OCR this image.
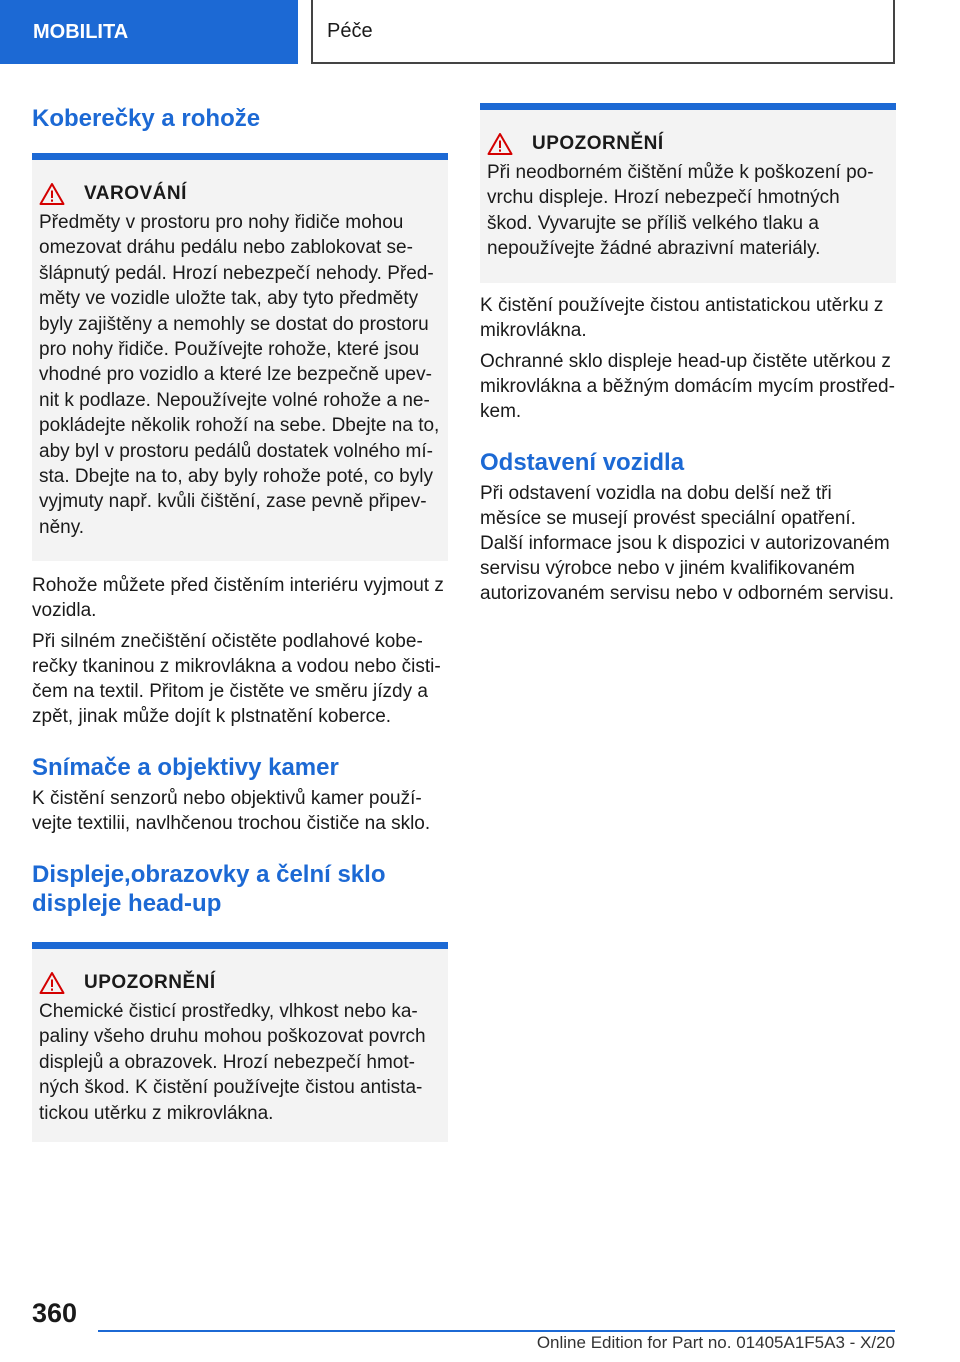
MOBILITA	Péče
Koberečky a rohože
VAROVÁNÍ

Předměty v prostoru pro nohy řidiče mohou omezovat dráhu pedálu nebo zablokovat sešlápnutý pedál. Hrozí nebezpečí nehody. Předměty ve vozidle uložte tak, aby tyto předměty byly zajištěny a nemohly se dostat do prostoru pro nohy řidiče. Používejte rohože, které jsou vhodné pro vozidlo a které lze bezpečně upevnit k podlaze. Nepoužívejte volné rohože a nepokládejte několik rohoží na sebe. Dbejte na to, aby byl v prostoru pedálů dostatek volného místa. Dbejte na to, aby byly rohože poté, co byly vyjmuty např. kvůli čištění, zase pevně připevněny.

Rohože můžete před čistěním interiéru vyjmout z vozidla.

Při silném znečištění očistěte podlahové koberečky tkaninou z mikrovlákna a vodou nebo čističem na textil. Přitom je čistěte ve směru jízdy a zpět, jinak může dojít k plstnatění koberce.

Snímače a objektivy kamer

K čistění senzorů nebo objektivů kamer používejte textilii, navlhčenou trochou čističe na sklo.

Displeje,obrazovky a čelní sklo displeje head-up
UPOZORNĚNÍ

Chemické čisticí prostředky, vlhkost nebo kapaliny všeho druhu mohou poškozovat povrch displejů a obrazovek. Hrozí nebezpečí hmotných škod. K čistění používejte čistou antistatickou utěrku z mikrovlákna.

UPOZORNĚNÍ

Při neodborném čištění může k poškození povrchu displeje. Hrozí nebezpečí hmotných škod. Vyvarujte se příliš velkého tlaku a nepoužívejte žádné abrazivní materiály.

K čistění používejte čistou antistatickou utěrku z mikrovlákna.

Ochranné sklo displeje head-up čistěte utěrkou z mikrovlákna a běžným domácím mycím prostředkem.

Odstavení vozidla

Při odstavení vozidla na dobu delší než tři měsíce se musejí provést speciální opatření. Další informace jsou k dispozici v autorizovaném servisu výrobce nebo v jiném kvalifikovaném autorizovaném servisu nebo v odborném servisu.

360
Online Edition for Part no. 01405A1F5A3 - X/20
